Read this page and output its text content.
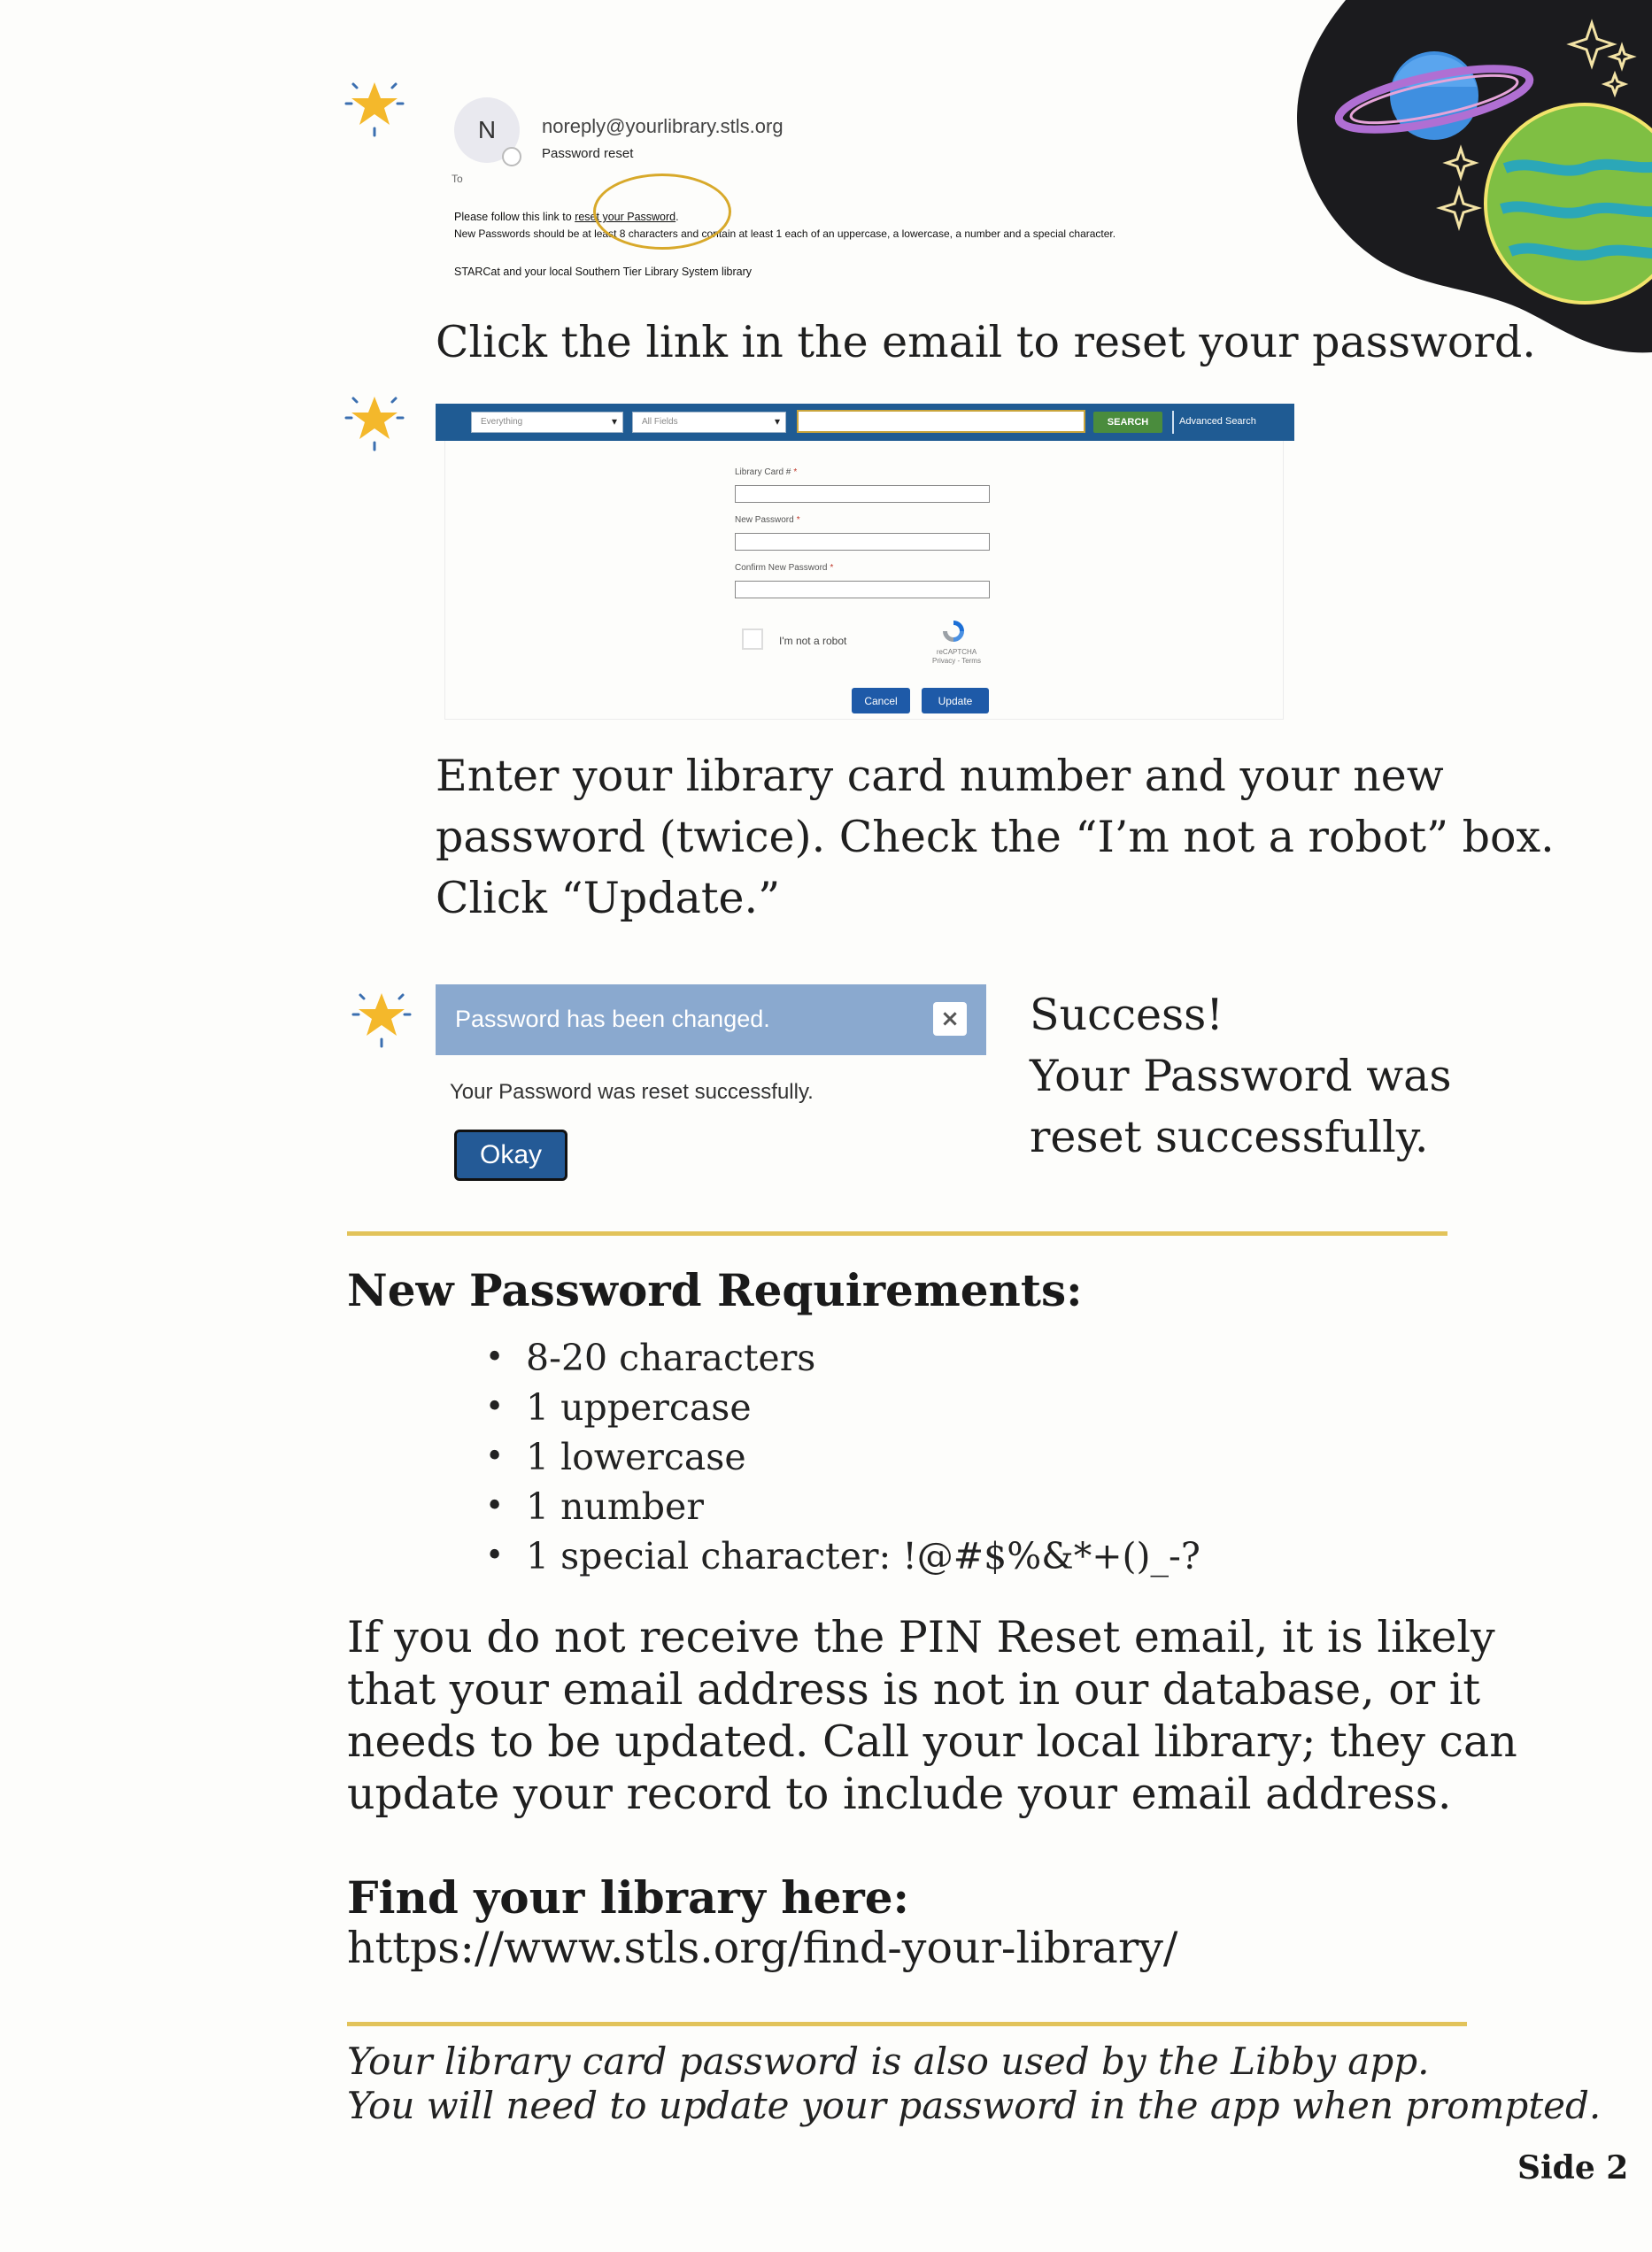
N	noreply@yourlibrary.stls.org
Password reset
To
Please follow this link to reset your Password.
New Passwords should be at least 8 characters and contain at least 1 each of an uppercase, a lowercase, a number and a special character.
STARCat and your local Southern Tier Library System library
Click the link in the email to reset your password.
Everything	▾	All Fields	▾	SEARCH	Advanced Search
Library Card # *
New Password *
Confirm New Password *
I'm not a robot
reCAPTCHA
Privacy - Terms
Cancel	Update
Enter your library card number and your new
password (twice). Check the “I’m not a robot” box.
Click “Update.”
Password has been changed.	×
Your Password was reset successfully.
Okay
Success!
Your Password was
reset successfully.
New Password Requirements:
• 8-20 characters
• 1 uppercase
• 1 lowercase
• 1 number
• 1 special character: !@#$%&*+()_-?
If you do not receive the PIN Reset email, it is likely
that your email address is not in our database, or it
needs to be updated. Call your local library; they can
update your record to include your email address.
Find your library here:
https://www.stls.org/find-your-library/
Your library card password is also used by the Libby app.
You will need to update your password in the app when prompted.
Side 2
